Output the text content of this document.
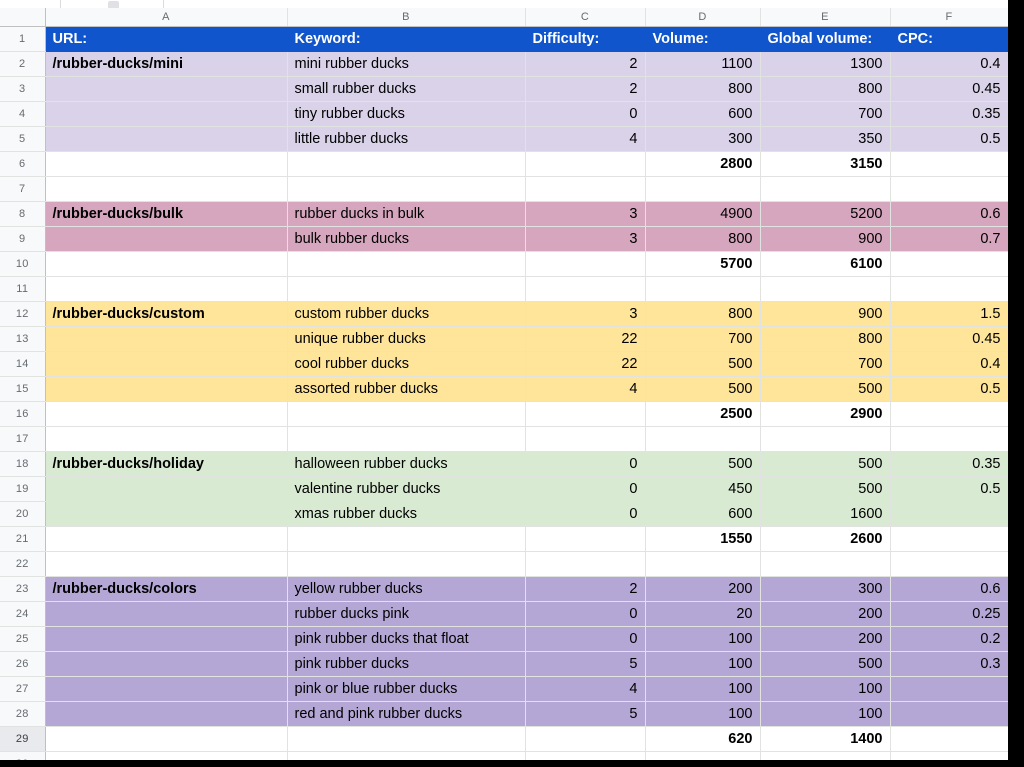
	A	B	C	D	E	F
1	URL:	Keyword:	Difficulty:	Volume:	Global volume:	CPC:
2	/rubber-ducks/mini	mini rubber ducks	2	1100	1300	0.4
3		small rubber ducks	2	800	800	0.45
4		tiny rubber ducks	0	600	700	0.35
5		little rubber ducks	4	300	350	0.5
6				2800	3150	
7						
8	/rubber-ducks/bulk	rubber ducks in bulk	3	4900	5200	0.6
9		bulk rubber ducks	3	800	900	0.7
10				5700	6100	
11						
12	/rubber-ducks/custom	custom rubber ducks	3	800	900	1.5
13		unique rubber ducks	22	700	800	0.45
14		cool rubber ducks	22	500	700	0.4
15		assorted rubber ducks	4	500	500	0.5
16				2500	2900	
17						
18	/rubber-ducks/holiday	halloween rubber ducks	0	500	500	0.35
19		valentine rubber ducks	0	450	500	0.5
20		xmas rubber ducks	0	600	1600	
21				1550	2600	
22						
23	/rubber-ducks/colors	yellow rubber ducks	2	200	300	0.6
24		rubber ducks pink	0	20	200	0.25
25		pink rubber ducks that float	0	100	200	0.2
26		pink rubber ducks	5	100	500	0.3
27		pink or blue rubber ducks	4	100	100	
28		red and pink rubber ducks	5	100	100	
29				620	1400	
